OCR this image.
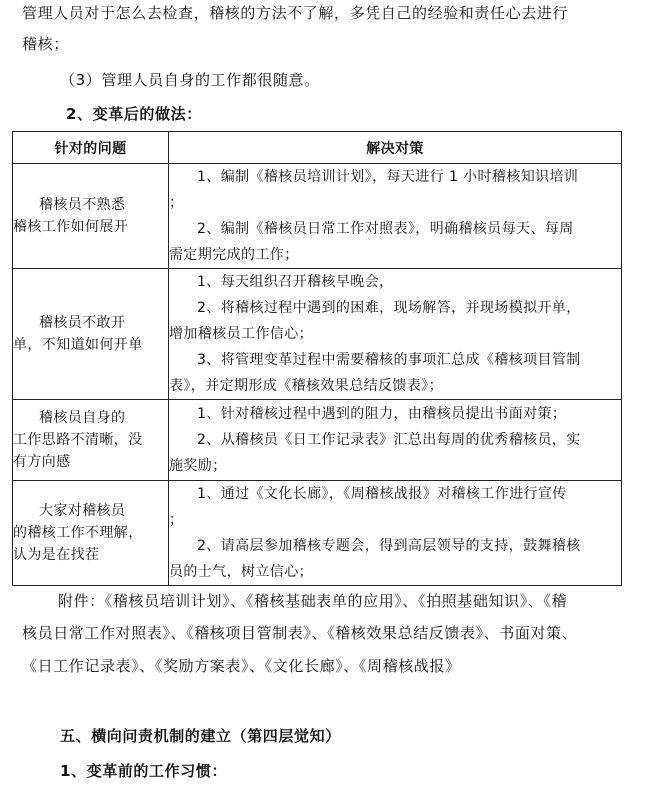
管理人员对于怎么去检查，稽核的方法不了解，多凭自己的经验和责任心去进行
稽核；
（3）管理人员自身的工作都很随意。
2、变革后的做法：
针对的问题	解决对策

稽核员不熟悉
稽核工作如何展开	1、编制《稽核员培训计划》，每天进行 1 小时稽核知识培训
；
2、编制《稽核员日常工作对照表》，明确稽核员每天、每周
需定期完成的工作；

稽核员不敢开
单，不知道如何开单	1、每天组织召开稽核早晚会，
2、将稽核过程中遇到的困难，现场解答，并现场模拟开单，
增加稽核员工作信心；
3、将管理变革过程中需要稽核的事项汇总成《稽核项目管制
表》，并定期形成《稽核效果总结反馈表》；

稽核员自身的
工作思路不清晰，没
有方向感	1、针对稽核过程中遇到的阻力，由稽核员提出书面对策；
2、从稽核员《日工作记录表》汇总出每周的优秀稽核员，实
施奖励；

大家对稽核员
的稽核工作不理解，
认为是在找茬	1、通过《文化长廊》，《周稽核战报》对稽核工作进行宣传
；
2、请高层参加稽核专题会，得到高层领导的支持，鼓舞稽核
员的士气，树立信心；
附件：《稽核员培训计划》、《稽核基础表单的应用》、《拍照基础知识》、《稽
核员日常工作对照表》、《稽核项目管制表》、《稽核效果总结反馈表》、书面对策、
《日工作记录表》、《奖励方案表》、《文化长廊》、《周稽核战报》
五、横向问责机制的建立（第四层觉知）
1、变革前的工作习惯：
